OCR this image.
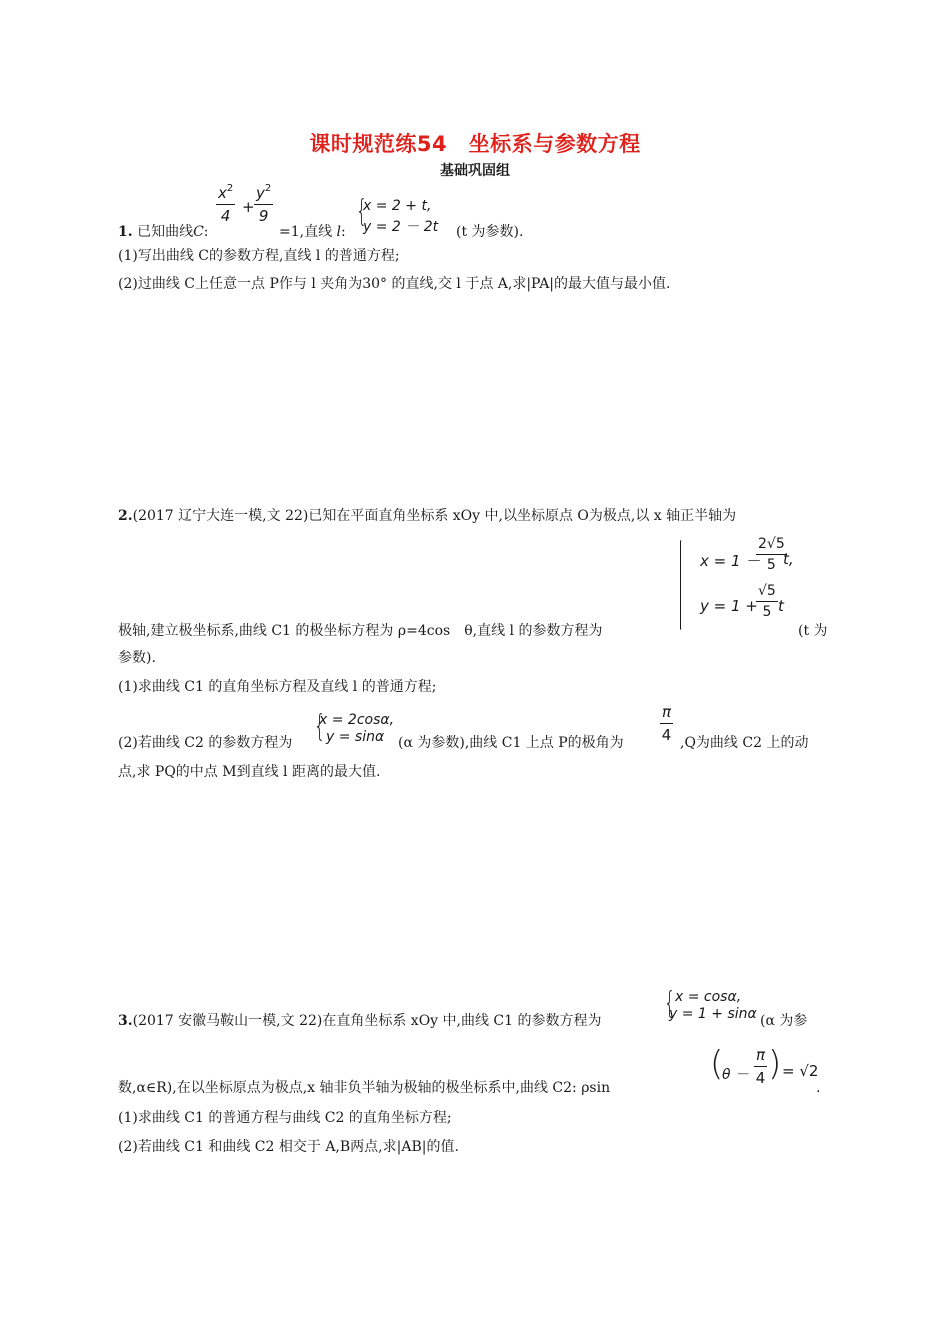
课时规范练54　坐标系与参数方程
基础巩固组
1. 已知曲线C:
$\frac{x^2}{4} + \frac{y^2}{9}$
=1,直线 l:
{
x = 2 + t,
y = 2 － 2t (t 为参数).
(1)写出曲线 C的参数方程,直线 l 的普通方程;
(2)过曲线 C上任意一点 P作与 l 夹角为30° 的直线,交 l 于点 A,求|PA|的最大值与最小值.
2.(2017 辽宁大连一模,文 22)已知在平面直角坐标系 xOy 中,以坐标原点 O为极点,以 x 轴正半轴为
x = 1 －
$\frac{2√5}{5}$
t,
y = 1 +
$\frac{√5}{5}$ t
极轴,建立极坐标系,曲线 C1 的极坐标方程为 ρ=4cos　θ,直线 l 的参数方程为	(t 为
参数).
(1)求曲线 C1 的直角坐标方程及直线 l 的普通方程;
(2)若曲线 C2 的参数方程为 {
x = 2cosα,
y = sinα (α 为参数),曲线 C1 上点 P的极角为 $\frac{\pi}{4} ,Q$为曲线 C2 上的动
点,求 PQ的中点 M到直线 l 距离的最大值.
3.(2017 安徽马鞍山一模,文 22)在直角坐标系 xOy 中,曲线 C1 的参数方程为 { x = cosα,
y = 1 + sinα (α 为参
数,α∈R),在以坐标原点为极点,x 轴非负半轴为极轴的极坐标系中,曲线 C2: ρsin
(
$\theta - \frac{\pi}{4}$ ) = √2
.
(1)求曲线 C1 的普通方程与曲线 C2 的直角坐标方程;
(2)若曲线 C1 和曲线 C2 相交于 A,B两点,求|AB|的值.
